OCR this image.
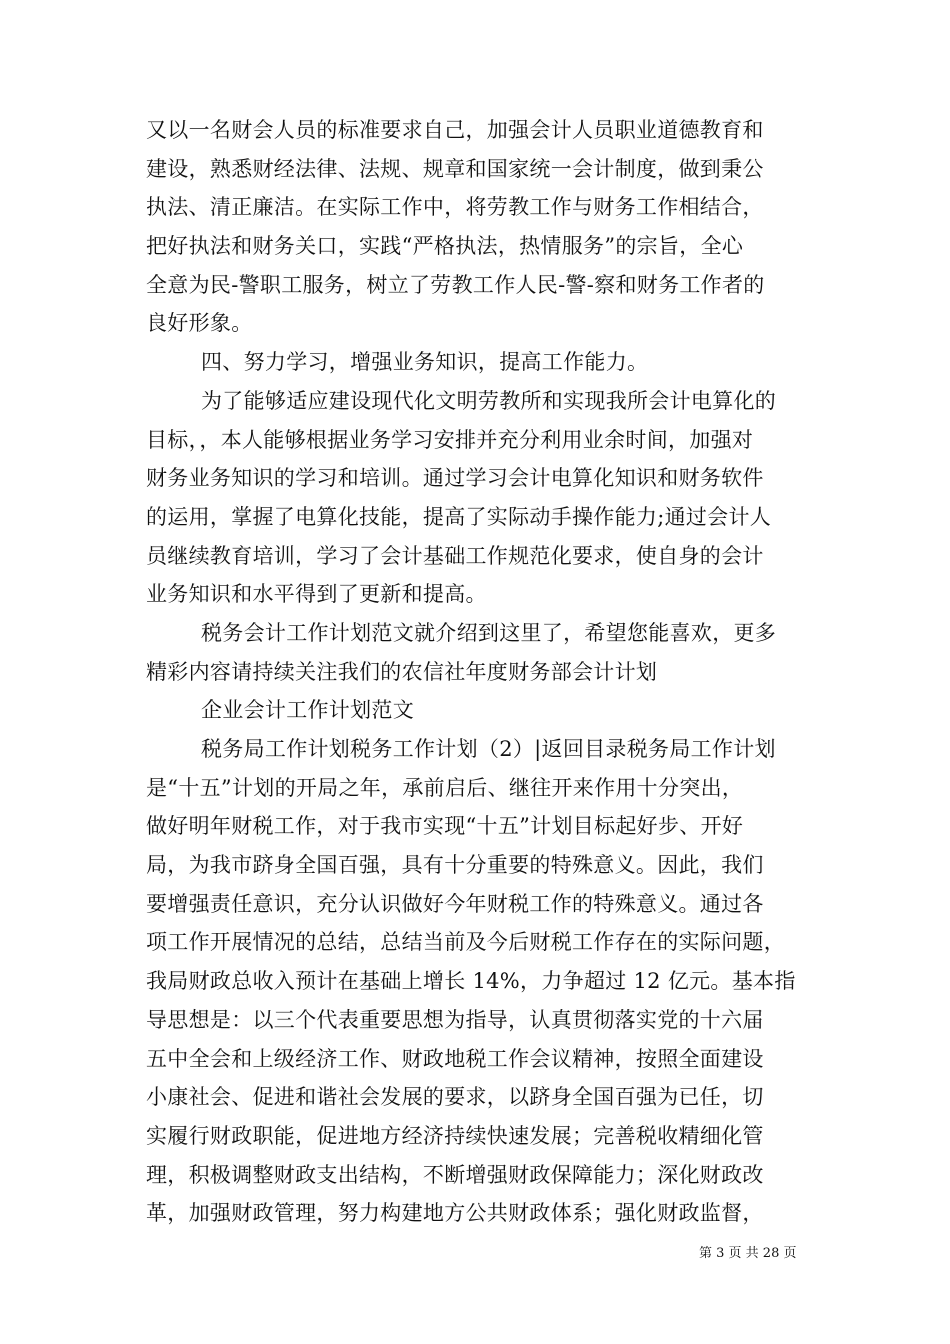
又以一名财会人员的标准要求自己，加强会计人员职业道德教育和
建设，熟悉财经法律、法规、规章和国家统一会计制度，做到秉公
执法、清正廉洁。在实际工作中，将劳教工作与财务工作相结合，
把好执法和财务关口，实践“严格执法，热情服务”的宗旨，全心
全意为民-警职工服务，树立了劳教工作人民-警-察和财务工作者的
良好形象。
四、努力学习，增强业务知识，提高工作能力。
为了能够适应建设现代化文明劳教所和实现我所会计电算化的
目标，，本人能够根据业务学习安排并充分利用业余时间，加强对
财务业务知识的学习和培训。通过学习会计电算化知识和财务软件
的运用，掌握了电算化技能，提高了实际动手操作能力;通过会计人
员继续教育培训，学习了会计基础工作规范化要求，使自身的会计
业务知识和水平得到了更新和提高。
税务会计工作计划范文就介绍到这里了，希望您能喜欢，更多
精彩内容请持续关注我们的农信社年度财务部会计计划
企业会计工作计划范文
税务局工作计划税务工作计划（2）|返回目录税务局工作计划
是“十五”计划的开局之年，承前启后、继往开来作用十分突出，
做好明年财税工作，对于我市实现“十五”计划目标起好步、开好
局，为我市跻身全国百强，具有十分重要的特殊意义。因此，我们
要增强责任意识，充分认识做好今年财税工作的特殊意义。通过各
项工作开展情况的总结，总结当前及今后财税工作存在的实际问题，
我局财政总收入预计在基础上增长 14%，力争超过 12 亿元。基本指
导思想是：以三个代表重要思想为指导，认真贯彻落实党的十六届
五中全会和上级经济工作、财政地税工作会议精神，按照全面建设
小康社会、促进和谐社会发展的要求，以跻身全国百强为已任，切
实履行财政职能，促进地方经济持续快速发展；完善税收精细化管
理，积极调整财政支出结构，不断增强财政保障能力；深化财政改
革，加强财政管理，努力构建地方公共财政体系；强化财政监督，
第 3 页 共 28 页
